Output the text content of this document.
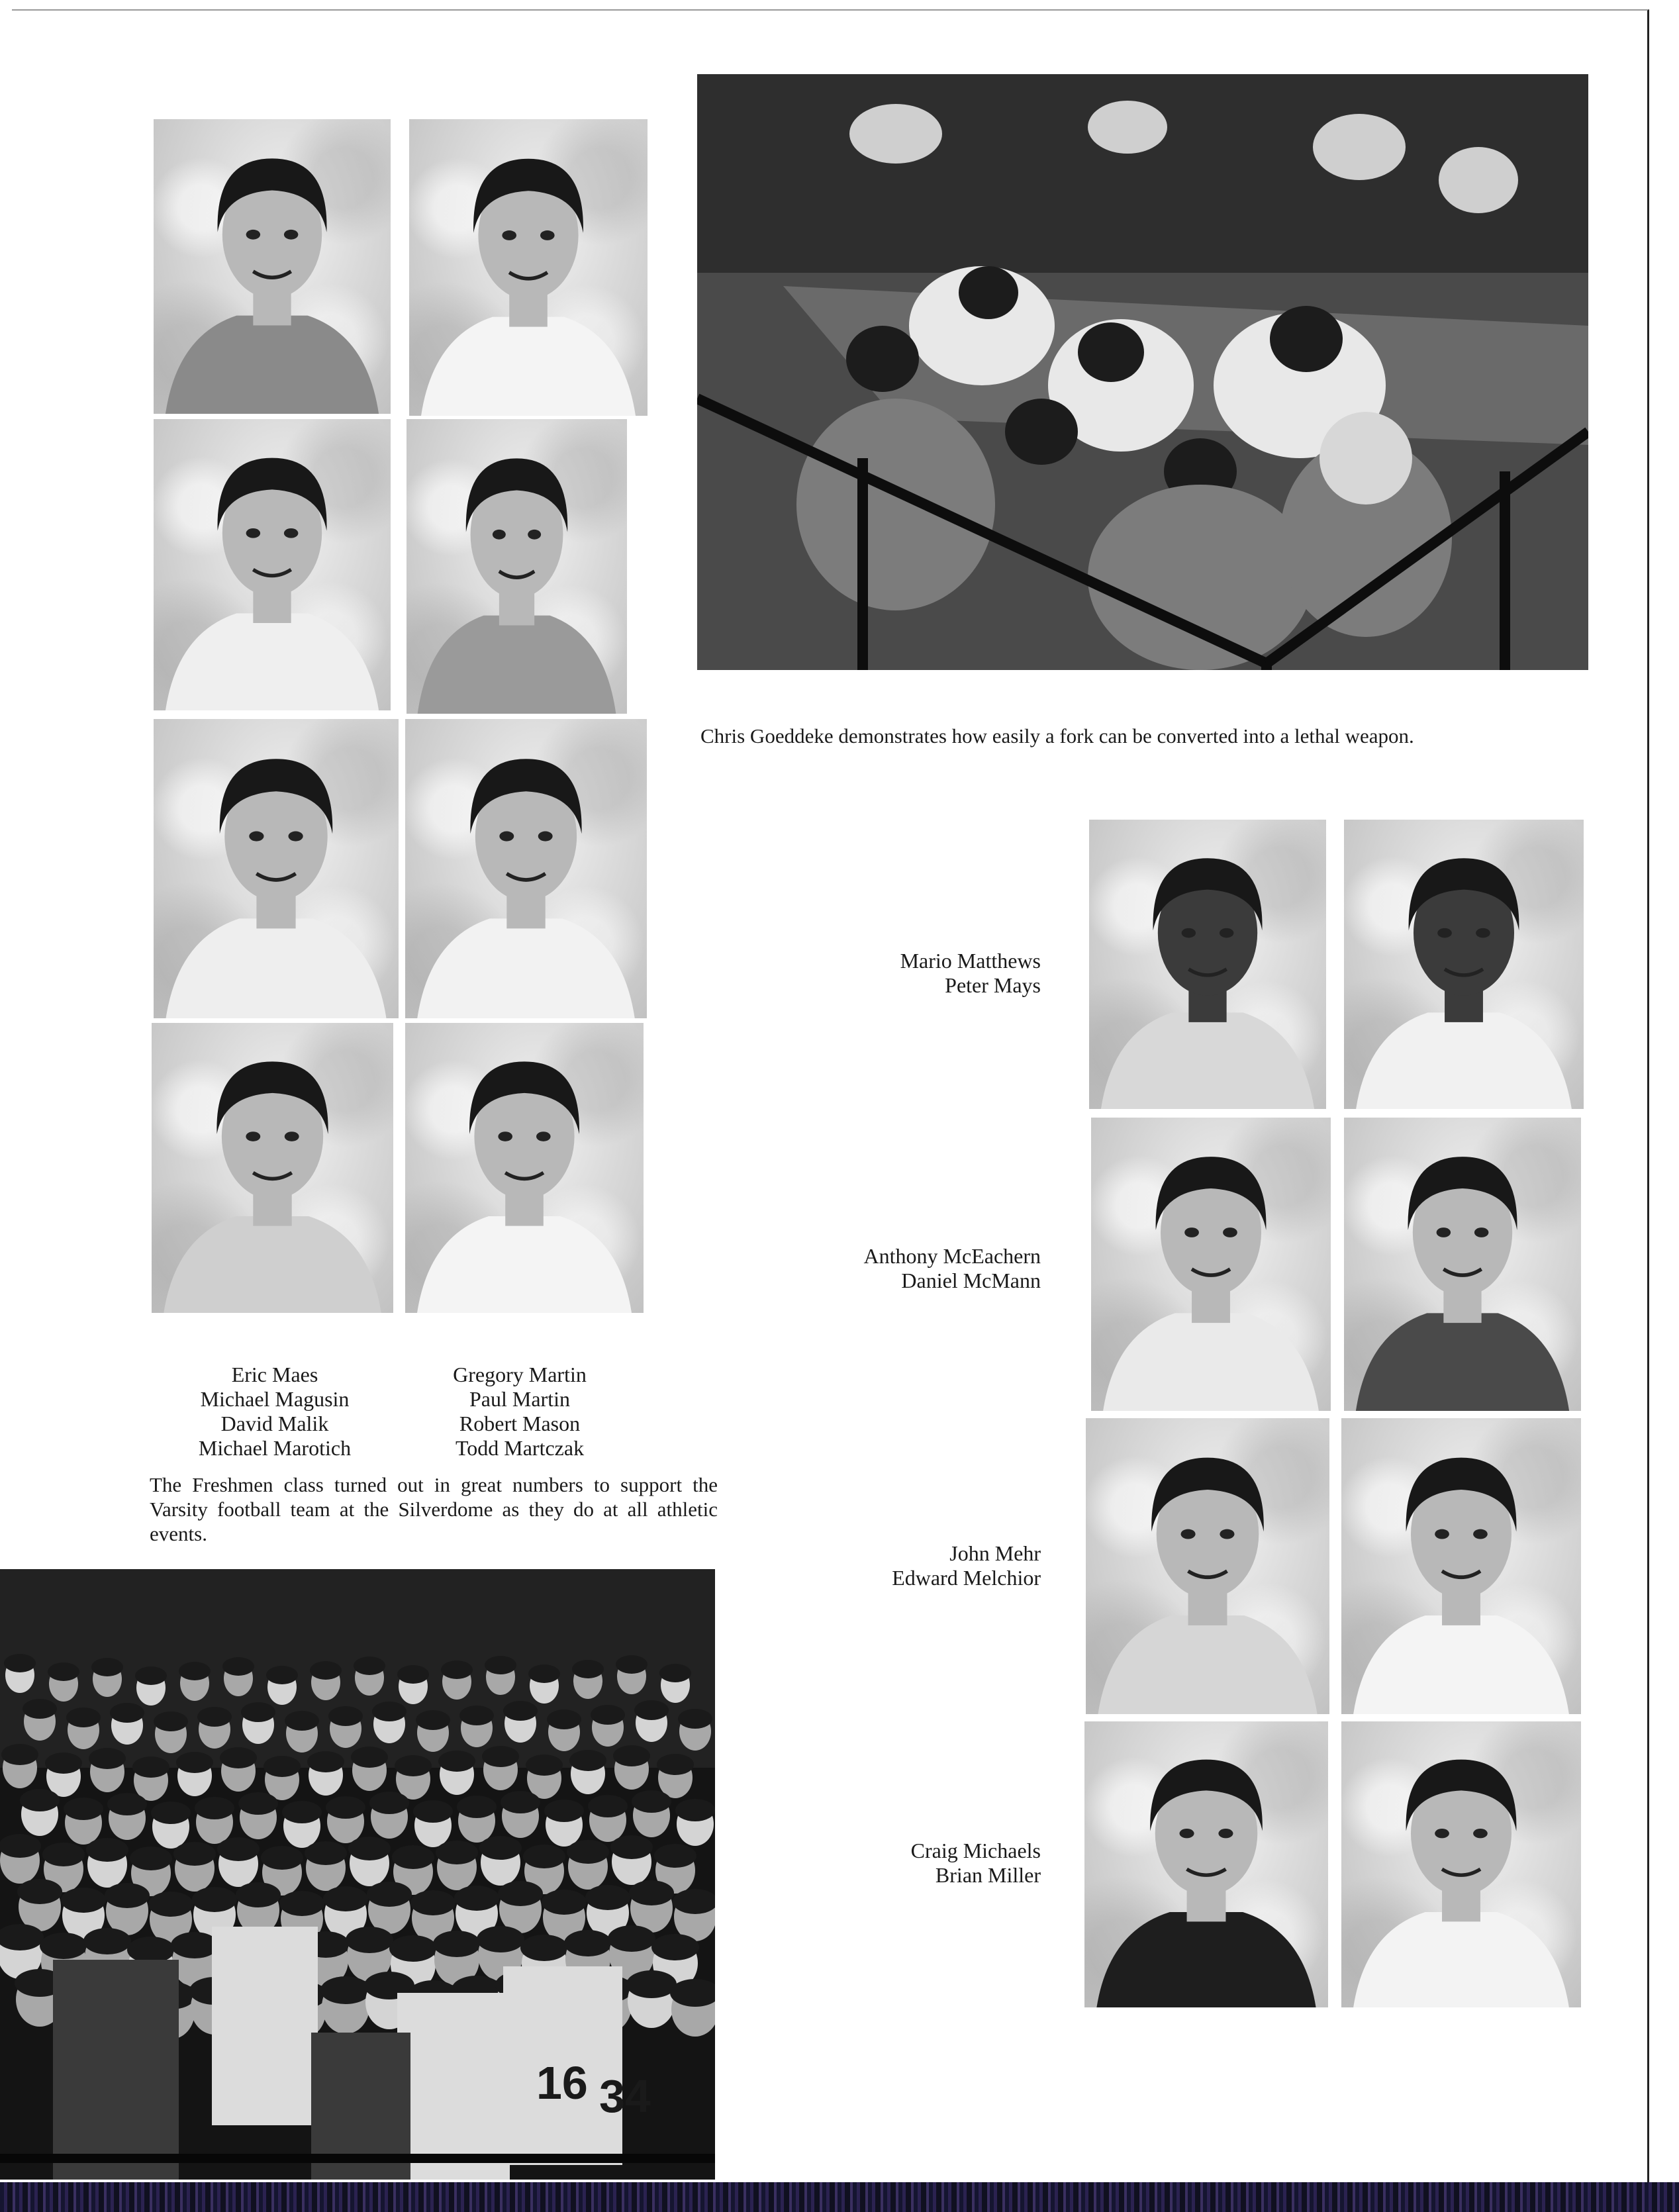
Chris Goeddeke demonstrates how easily a fork can be converted into a lethal weapon.
Eric Maes
Michael Magusin
David Malik
Michael Marotich
Gregory Martin
Paul Martin
Robert Mason
Todd Martczak
The Freshmen class turned out in great numbers to support the Varsity football team at the Silverdome as they do at all athletic events.
16 34
Mario Matthews
Peter Mays
Anthony McEachern
Daniel McMann
John Mehr
Edward Melchior
Craig Michaels
Brian Miller
